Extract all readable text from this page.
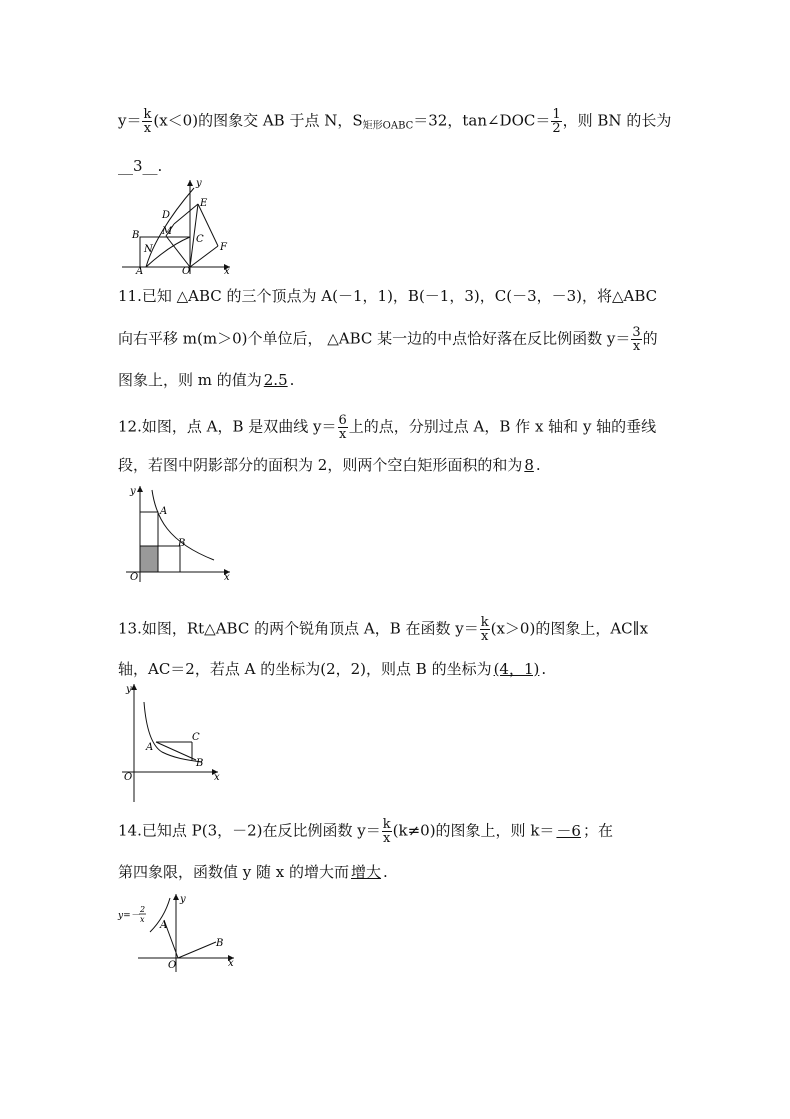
$y= \frac{k}{x} (x<0)$的图象交 AB 于点 N，$S_{矩形OABC}=32$，tan∠DOC＝ $\frac{1}{2}$ ，则 BN 的长为
__3__.
y
E
D
M
B
N
C
F
A	O	x
11.已知 △ABC 的三个顶点为 A(－1，1)，B(－1，3)，C(－3，－3)，将△ABC
向右平移 m(m＞0)个单位后， △ABC 某一边的中点恰好落在反比例函数 $y= \frac{3}{x}$ 的
图象上，则 m 的值为 2.5 .
12.如图，点 A，B 是双曲线 $y= \frac{6}{x}$ 上的点，分别过点 A，B 作 x 轴和 y 轴的垂线
段，若图中阴影部分的面积为 2，则两个空白矩形面积的和为 8 .
y
A
B
O	x
13.如图，Rt△ABC 的两个锐角顶点 A，B 在函数 $y= \frac{k}{x} (x>0)$的图象上，AC∥x
轴，AC＝2，若点 A 的坐标为(2，2)，则点 B 的坐标为 (4，1) .
y
C
A
B
O	x
14.已知点 P(3，－2)在反比例函数 $y= \frac{k}{x} (k\ne 0)$的图象上，则 k＝ －6 ；在
第四象限，函数值 y 随 x 的增大而 增大 .
y=－
2
x
y
A
B
O	x
